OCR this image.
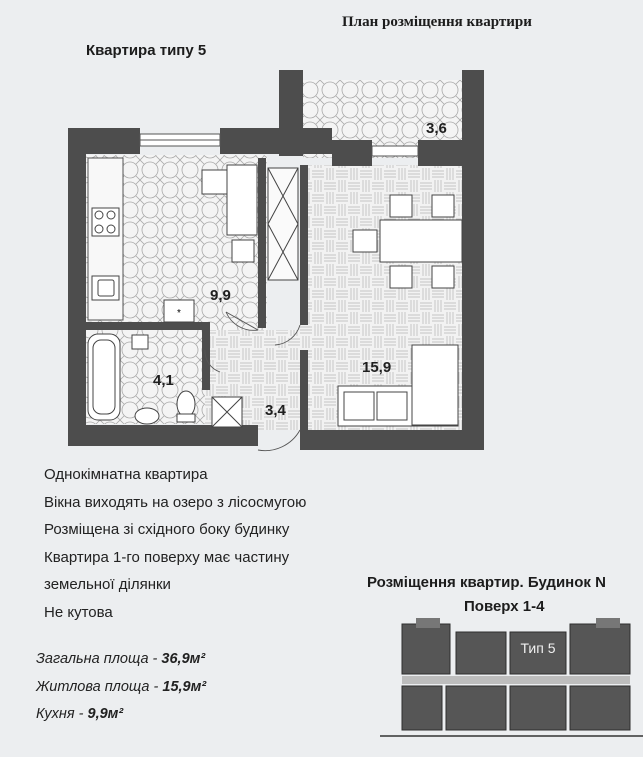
План розміщення квартири
Квартира типу 5
*
3,6
9,9
4,1
3,4
15,9
Однокімнатна квартира
Вікна виходять на озеро з лісосмугою
Розміщена зі східного боку будинку
Квартира 1-го поверху має частину
земельної ділянки
Не кутова
Загальна площа - 36,9м²
Житлова площа - 15,9м²
Кухня - 9,9м²
Розміщення квартир. Будинок N
Поверх 1-4
Тип 5
